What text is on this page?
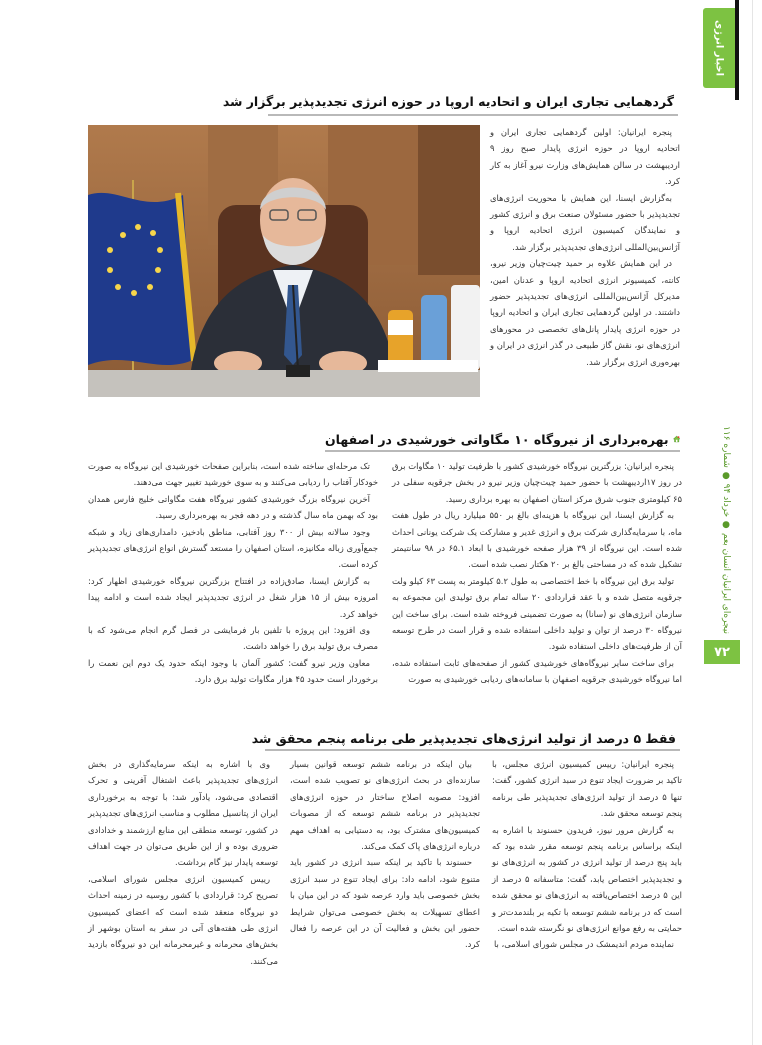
اخبار انرژی
نیجره‌ای ایرانیان انسان بعم ● خرداد ۹۴ ● شماره ۱۱۶
۷۲
گردهمایی تجاری ایران و اتحادیه اروپا در حوزه انرژی تجدیدپذیر برگزار شد

پنجره ایرانیان: اولین گردهمایی تجاری ایران و اتحادیه اروپا در حوزه انرژی پایدار صبح روز ۹ اردیبهشت در سالن همایش‌های وزارت نیرو آغاز به کار کرد.

به‌گزارش ایسنا، این همایش با محوریت انرژی‌های تجدیدپذیر با حضور مسئولان صنعت برق و انرژی کشور و نمایندگان کمیسیون انرژی اتحادیه اروپا و آژانس‌بین‌المللی انرژی‌های تجدیدپذیر برگزار شد.

در این همایش علاوه بر حمید چیت‌چیان وزیر نیرو، کانته، کمیسیونر انرژی اتحادیه اروپا و عدنان امین، مدیرکل آژانس‌بین‌المللی انرژی‌های تجدیدپذیر حضور داشتند. در اولین گردهمایی تجاری ایران و اتحادیه اروپا در حوزه انرژی پایدار پانل‌های تخصصی در محورهای انرژی‌های نو، نقش گاز طبیعی در گذر انرژی در ایران و بهره‌وری انرژی برگزار شد.

بهره‌برداری از نیروگاه ۱۰ مگاواتی خورشیدی در اصفهان

پنجره ایرانیان: بزرگترین نیروگاه خورشیدی کشور با ظرفیت تولید ۱۰ مگاوات برق در روز ۱۷اردیبهشت با حضور حمید چیت‌چیان وزیر نیرو در بخش جرقویه سفلی در ۶۵ کیلومتری جنوب شرق مرکز استان اصفهان به بهره برداری رسید.

به گزارش ایسنا، این نیروگاه با هزینه‌ای بالغ بر ۵۵۰ میلیارد ریال در طول هفت ماه، با سرمایه‌گذاری شرکت برق و انرژی غدیر و مشارکت یک شرکت یونانی احداث شده است. این نیروگاه از ۳۹ هزار صفحه خورشیدی با ابعاد ۶۵.۱ در ۹۸ سانتیمتر تشکیل شده که در مساحتی بالغ بر ۲۰ هکتار نصب شده است.

تولید برق این نیروگاه با خط اختصاصی به طول ۵.۲ کیلومتر به پست ۶۳ کیلو ولت جرقویه متصل شده و با عقد قراردادی ۲۰ ساله تمام برق تولیدی این مجموعه به سازمان انرژی‌های نو (سانا) به صورت تضمینی فروخته شده است. برای ساخت این نیروگاه ۳۰ درصد از توان و تولید داخلی استفاده شده و قرار است در طرح توسعه آن از ظرفیت‌های داخلی استفاده شود.

برای ساخت سایر نیروگاه‌های خورشیدی کشور از صفحه‌های ثابت استفاده شده، اما نیروگاه خورشیدی جرقویه اصفهان با سامانه‌های ردیابی خورشیدی به صورت

تک مرحله‌ای ساخته شده است، بنابراین صفحات خورشیدی این نیروگاه به صورت خودکار آفتاب را ردیابی می‌کنند و به سوی خورشید تغییر جهت می‌دهند.

آخرین نیروگاه بزرگ خورشیدی کشور نیروگاه هفت مگاواتی خلیج فارس همدان بود که بهمن ماه سال گذشته و در دهه فجر به بهره‌برداری رسید.

وجود سالانه بیش از ۳۰۰ روز آفتابی، مناطق بادخیز، دامداری‌های زیاد و شبکه جمع‌آوری زباله مکانیزه، استان اصفهان را مستعد گسترش انواع انرژی‌های تجدیدپذیر کرده است.

به گزارش ایسنا، صادق‌زاده در افتتاح بزرگترین نیروگاه خورشیدی اظهار کرد: امروزه بیش از ۱۵ هزار شغل در انرژی تجدیدپذیر ایجاد شده است و ادامه پیدا خواهد کرد.

وی افزود: این پروژه با تلفین بار فرمایشی در فصل گرم انجام می‌شود که با مصرف برق تولید برق را خواهد داشت.

معاون وزیر نیرو گفت: کشور آلمان با وجود اینکه حدود یک دوم این نعمت را برخوردار است حدود ۴۵ هزار مگاوات تولید برق دارد.

فقط ۵ درصد از تولید انرژی‌های تجدیدپذیر طی برنامه پنجم محقق شد

پنجره ایرانیان: رییس کمیسیون انرژی مجلس، با تاکید بر ضرورت ایجاد تنوع در سبد انرژی کشور، گفت: تنها ۵ درصد از تولید انرژی‌های تجدیدپذیر طی برنامه پنجم توسعه محقق شد.

به گزارش مرور نیوز، فریدون حسنوند با اشاره به اینکه براساس برنامه پنجم توسعه مقرر شده بود که باید پنج درصد از تولید انرژی در کشور به انرژی‌های نو و تجدیدپذیر اختصاص یابد، گفت: متاسفانه ۵ درصد از این ۵ درصد اختصاص‌یافته به انرژی‌های نو محقق شده است که در برنامه ششم توسعه با تکیه بر بلندمدت‌تر و حمایتی به رفع موانع انرژی‌های نو نگرسته شده است.

نماینده مردم اندیمشک در مجلس شورای اسلامی، با

بیان اینکه در برنامه ششم توسعه قوانین بسیار سازنده‌ای در بحث انرژی‌های نو تصویب شده است، افزود: مصوبه اصلاح ساختار در حوزه انرژی‌های تجدیدپذیر در برنامه ششم توسعه که از مصوبات کمیسیون‌های مشترک بود، به دستیابی به اهداف مهم درباره انرژی‌های پاک کمک می‌کند.

حسنوند با تاکید بر اینکه سبد انرژی در کشور باید متنوع شود، ادامه داد: برای ایجاد تنوع در سبد انرژی بخش خصوصی باید وارد عرصه شود که در این میان با اعطای تسهیلات به بخش خصوصی می‌توان شرایط حضور این بخش و فعالیت آن در این عرصه را فعال کرد.

وی با اشاره به اینکه سرمایه‌گذاری در بخش انرژی‌های تجدیدپذیر باعث اشتغال آفرینی و تحرک اقتصادی می‌شود، یادآور شد: با توجه به برخورداری ایران از پتانسیل مطلوب و مناسب انرژی‌های تجدیدپذیر در کشور، توسعه منطقی این منابع ارزشمند و خدادادی ضروری بوده و از این طریق می‌توان در جهت اهداف توسعه پایدار نیز گام برداشت.

رییس کمیسیون انرژی مجلس شورای اسلامی، تصریح کرد: قراردادی با کشور روسیه در زمینه احداث دو نیروگاه منعقد شده است که اعضای کمیسیون انرژی طی هفته‌های آتی در سفر به استان بوشهر از بخش‌های محرمانه و غیرمحرمانه این دو نیروگاه بازدید می‌کنند.
